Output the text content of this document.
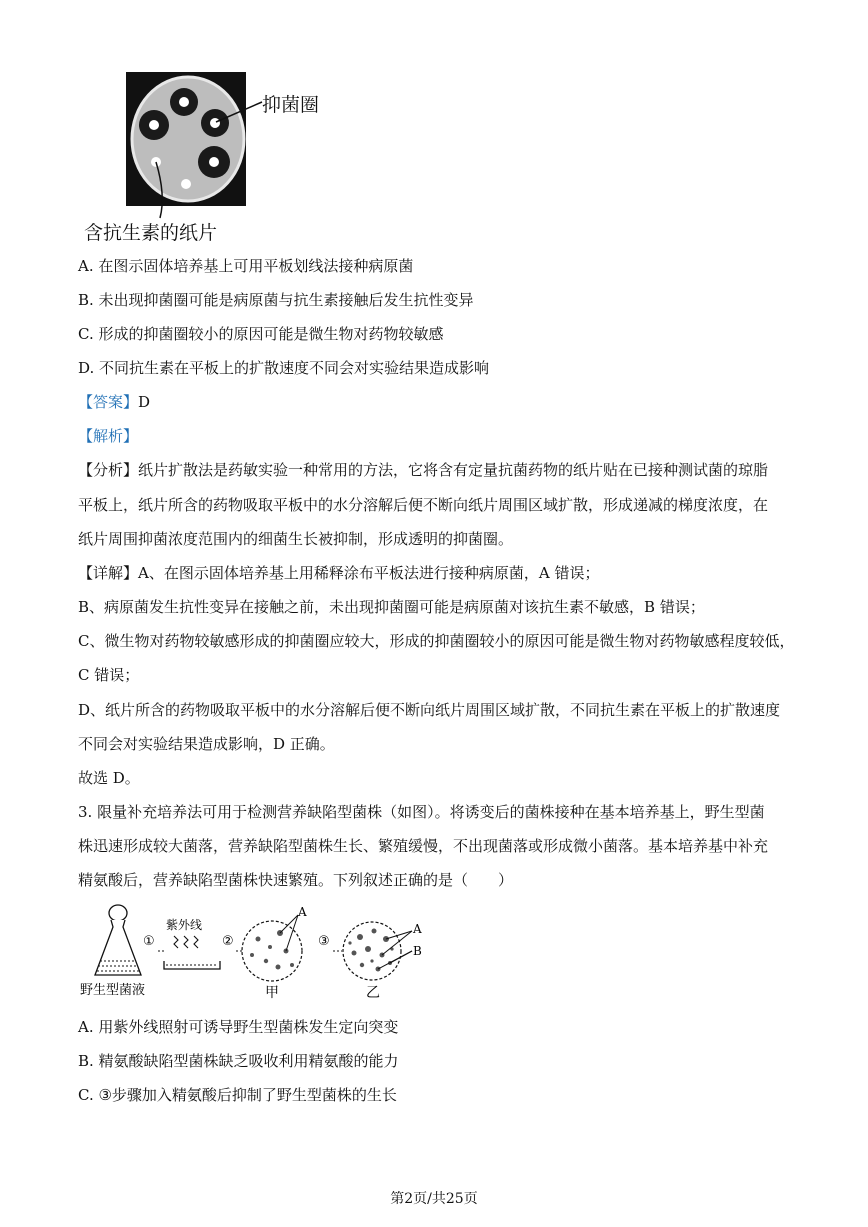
抑菌圈
含抗生素的纸片
A. 在图示固体培养基上可用平板划线法接种病原菌
B. 未出现抑菌圈可能是病原菌与抗生素接触后发生抗性变异
C. 形成的抑菌圈较小的原因可能是微生物对药物较敏感
D. 不同抗生素在平板上的扩散速度不同会对实验结果造成影响
【答案】D
【解析】
【分析】纸片扩散法是药敏实验一种常用的方法，它将含有定量抗菌药物的纸片贴在已接种测试菌的琼脂
平板上，纸片所含的药物吸取平板中的水分溶解后便不断向纸片周围区域扩散，形成递减的梯度浓度，在
纸片周围抑菌浓度范围内的细菌生长被抑制，形成透明的抑菌圈。
【详解】A、在图示固体培养基上用稀释涂布平板法进行接种病原菌，A 错误；
B、病原菌发生抗性变异在接触之前，未出现抑菌圈可能是病原菌对该抗生素不敏感，B 错误；
C、微生物对药物较敏感形成的抑菌圈应较大，形成的抑菌圈较小的原因可能是微生物对药物敏感程度较低，
C 错误；
D、纸片所含的药物吸取平板中的水分溶解后便不断向纸片周围区域扩散，不同抗生素在平板上的扩散速度
不同会对实验结果造成影响，D 正确。
故选 D。
3. 限量补充培养法可用于检测营养缺陷型菌株（如图）。将诱变后的菌株接种在基本培养基上，野生型菌
株迅速形成较大菌落，营养缺陷型菌株生长、繁殖缓慢，不出现菌落或形成微小菌落。基本培养基中补充
精氨酸后，营养缺陷型菌株快速繁殖。下列叙述正确的是（　　）
①
紫外线
②
A
③
A
B
野生型菌液	甲	乙
A. 用紫外线照射可诱导野生型菌株发生定向突变
B. 精氨酸缺陷型菌株缺乏吸收利用精氨酸的能力
C. ③步骤加入精氨酸后抑制了野生型菌株的生长
第2页/共25页
